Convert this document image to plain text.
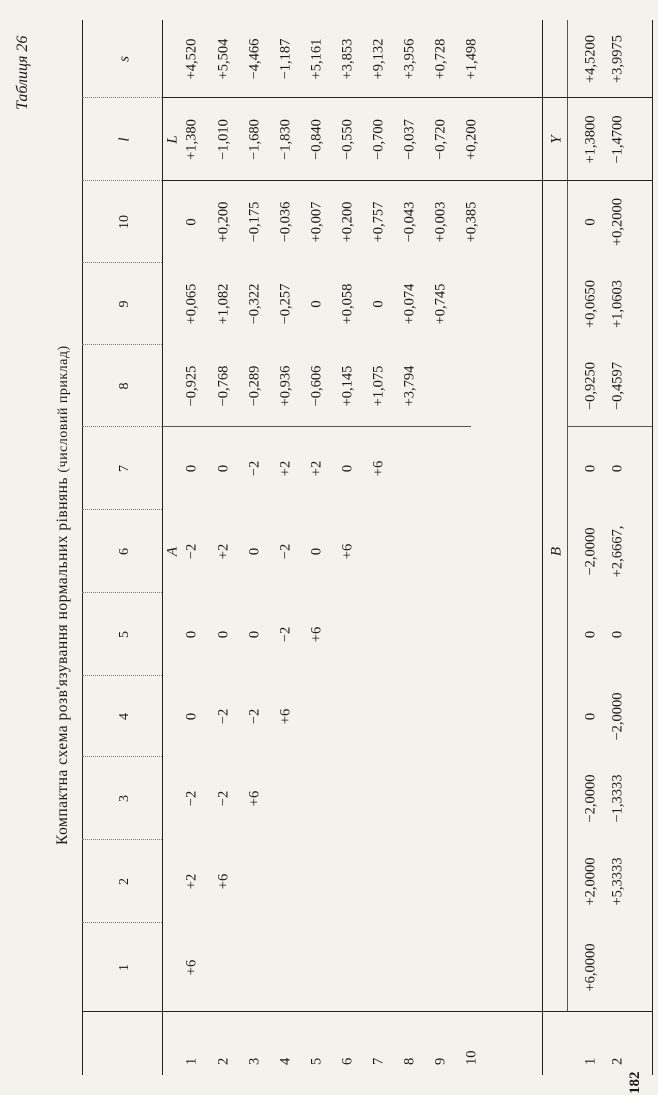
182
Таблиця 26
Компактна схема розв'язування нормальних рівнянь (числовий приклад)
1
2
3
4
5
6
7
8
9
10
l
s
A
L
B
Y
1
+6
+2
−2
0
0
−2
0
−0,925
+0,065
0
+1,380
+4,520
2
+6
−2
−2
0
+2
0
−0,768
+1,082
+0,200
−1,010
+5,504
3
+6
−2
0
0
−2
−0,289
−0,322
−0,175
−1,680
−4,466
4
+6
−2
−2
+2
+0,936
−0,257
−0,036
−1,830
−1,187
5
+6
0
+2
−0,606
0
+0,007
−0,840
+5,161
6
+6
0
+0,145
+0,058
+0,200
−0,550
+3,853
7
+6
+1,075
0
+0,757
−0,700
+9,132
8
+3,794
+0,074
−0,043
−0,037
+3,956
9
+0,745
+0,003
−0,720
+0,728
10
+0,385
+0,200
+1,498
1
+6,0000
+2,0000
−2,0000
0
0
−2,0000
0
−0,9250
+0,0650
0
+1,3800
+4,5200
2
+5,3333
−1,3333
−2,0000
0
+2,6667,
0
−0,4597
+1,0603
+0,2000
−1,4700
+3,9975
